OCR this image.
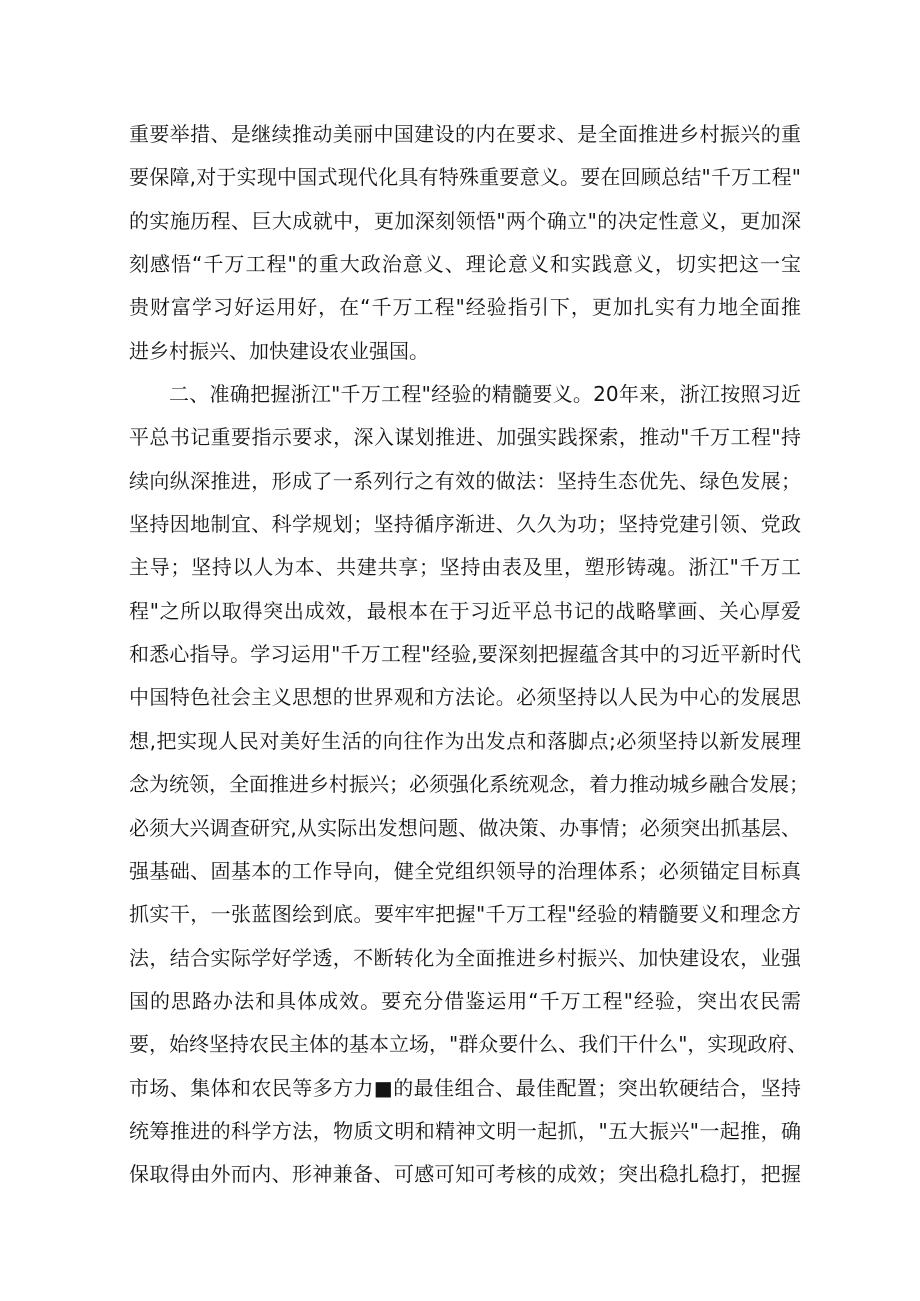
重要举措、是继续推动美丽中国建设的内在要求、是全面推进乡村振兴的重
要保障,对于实现中国式现代化具有特殊重要意义。要在回顾总结"千万工程"
的实施历程、巨大成就中，更加深刻领悟"两个确立"的决定性意义，更加深
刻感悟“千万工程"的重大政治意义、理论意义和实践意义，切实把这一宝
贵财富学习好运用好，在“千万工程"经验指引下，更加扎实有力地全面推
进乡村振兴、加快建设农业强国。
二、准确把握浙江"千万工程"经验的精髓要义。20年来，浙江按照习近
平总书记重要指示要求，深入谋划推进、加强实践探索，推动"千万工程"持
续向纵深推进，形成了一系列行之有效的做法：坚持生态优先、绿色发展；
坚持因地制宜、科学规划；坚持循序渐进、久久为功；坚持党建引领、党政
主导；坚持以人为本、共建共享；坚持由表及里，塑形铸魂。浙江"千万工
程"之所以取得突出成效，最根本在于习近平总书记的战略擘画、关心厚爱
和悉心指导。学习运用"千万工程"经验,要深刻把握蕴含其中的习近平新时代
中国特色社会主义思想的世界观和方法论。必须坚持以人民为中心的发展思
想,把实现人民对美好生活的向往作为出发点和落脚点;必须坚持以新发展理
念为统领，全面推进乡村振兴；必须强化系统观念，着力推动城乡融合发展；
必须大兴调查研究,从实际出发想问题、做决策、办事情；必须突出抓基层、
强基础、固基本的工作导向，健全党组织领导的治理体系；必须锚定目标真
抓实干，一张蓝图绘到底。要牢牢把握"千万工程"经验的精髓要义和理念方
法，结合实际学好学透，不断转化为全面推进乡村振兴、加快建设农，业强
国的思路办法和具体成效。要充分借鉴运用“千万工程"经验，突出农民需
要，始终坚持农民主体的基本立场，"群众要什么、我们干什么"，实现政府、
市场、集体和农民等多方力■的最佳组合、最佳配置；突出软硬结合，坚持
统筹推进的科学方法，物质文明和精神文明一起抓，"五大振兴"一起推，确
保取得由外而内、形神兼备、可感可知可考核的成效；突出稳扎稳打，把握
